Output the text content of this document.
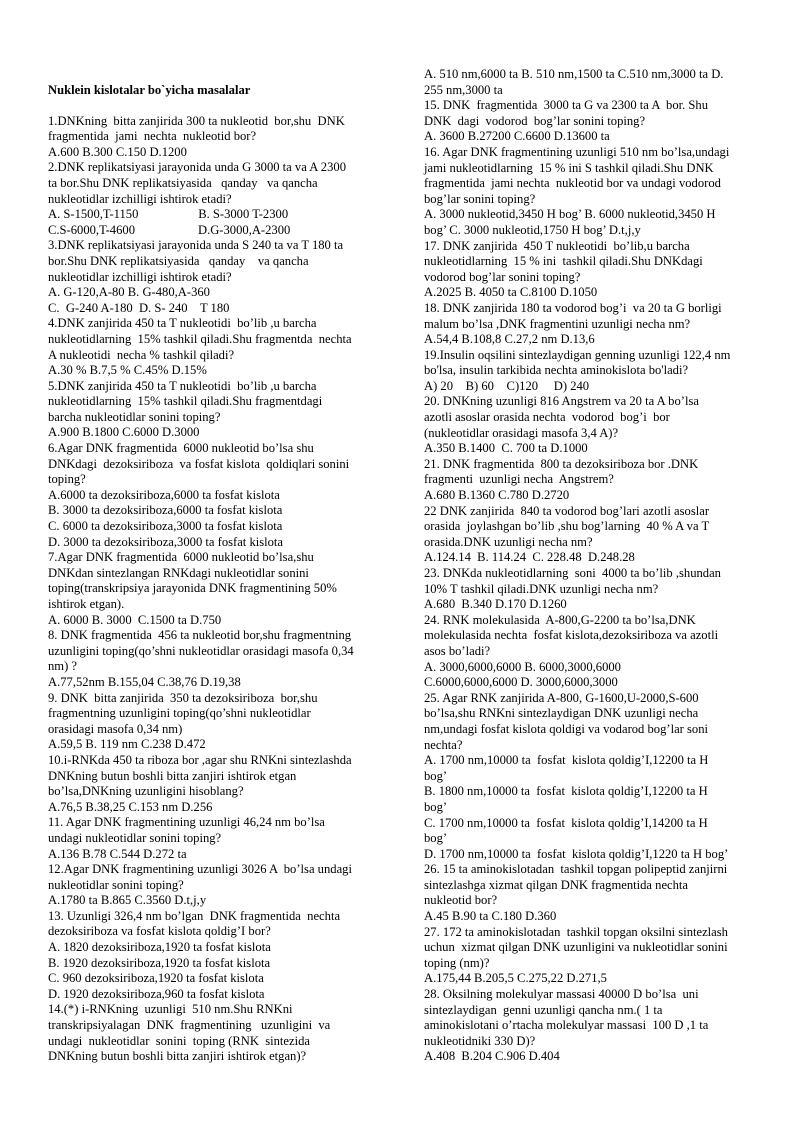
Nuklein kislotalar bo`yicha masalalar
1.DNKning  bitta zanjirida 300 ta nukleotid  bor,shu  DNK
fragmentida  jami  nechta  nukleotid bor?
A.600 B.300 C.150 D.1200
2.DNK replikatsiyasi jarayonida unda G 3000 ta va A 2300
ta bor.Shu DNK replikatsiyasida   qanday   va qancha
nukleotidlar izchilligi ishtirok etadi?
A. S-1500,T-1150                   B. S-3000 T-2300
C.S-6000,T-4600                    D.G-3000,A-2300
3.DNK replikatsiyasi jarayonida unda S 240 ta va T 180 ta
bor.Shu DNK replikatsiyasida   qanday    va qancha
nukleotidlar izchilligi ishtirok etadi?
A. G-120,A-80 B. G-480,A-360
C.  G-240 A-180  D. S- 240    T 180
4.DNK zanjirida 450 ta T nukleotidi  bo’lib ,u barcha
nukleotidlarning  15% tashkil qiladi.Shu fragmentda  nechta
A nukleotidi  necha % tashkil qiladi?
A.30 % B.7,5 % C.45% D.15%
5.DNK zanjirida 450 ta T nukleotidi  bo’lib ,u barcha
nukleotidlarning  15% tashkil qiladi.Shu fragmentdagi
barcha nukleotidlar sonini toping?
A.900 B.1800 C.6000 D.3000
6.Agar DNK fragmentida  6000 nukleotid bo’lsa shu
DNKdagi  dezoksiriboza  va fosfat kislota  qoldiqlari sonini
toping?
A.6000 ta dezoksiriboza,6000 ta fosfat kislota
B. 3000 ta dezoksiriboza,6000 ta fosfat kislota
C. 6000 ta dezoksiriboza,3000 ta fosfat kislota
D. 3000 ta dezoksiriboza,3000 ta fosfat kislota
7.Agar DNK fragmentida  6000 nukleotid bo’lsa,shu
DNKdan sintezlangan RNKdagi nukleotidlar sonini
toping(transkripsiya jarayonida DNK fragmentining 50%
ishtirok etgan).
A. 6000 B. 3000  C.1500 ta D.750
8. DNK fragmentida  456 ta nukleotid bor,shu fragmentning
uzunligini toping(qo’shni nukleotidlar orasidagi masofa 0,34
nm) ?
A.77,52nm B.155,04 C.38,76 D.19,38
9. DNK  bitta zanjirida  350 ta dezoksiriboza  bor,shu
fragmentning uzunligini toping(qo’shni nukleotidlar
orasidagi masofa 0,34 nm)
A.59,5 B. 119 nm C.238 D.472
10.i-RNKda 450 ta riboza bor ,agar shu RNKni sintezlashda
DNKning butun boshli bitta zanjiri ishtirok etgan
bo’lsa,DNKning uzunligini hisoblang?
A.76,5 B.38,25 C.153 nm D.256
11. Agar DNK fragmentining uzunligi 46,24 nm bo’lsa
undagi nukleotidlar sonini toping?
A.136 B.78 C.544 D.272 ta
12.Agar DNK fragmentining uzunligi 3026 A  bo’lsa undagi
nukleotidlar sonini toping?
A.1780 ta B.865 C.3560 D.t,j,y
13. Uzunligi 326,4 nm bo’lgan  DNK fragmentida  nechta
dezoksiriboza va fosfat kislota qoldig’I bor?
A. 1820 dezoksiriboza,1920 ta fosfat kislota
B. 1920 dezoksiriboza,1920 ta fosfat kislota
C. 960 dezoksiriboza,1920 ta fosfat kislota
D. 1920 dezoksiriboza,960 ta fosfat kislota
14.(*) i-RNKning  uzunligi  510 nm.Shu RNKni
transkripsiyalagan  DNK  fragmentining   uzunligini  va
undagi  nukleotidlar  sonini  toping (RNK  sintezida
DNKning butun boshli bitta zanjiri ishtirok etgan)?
A. 510 nm,6000 ta B. 510 nm,1500 ta C.510 nm,3000 ta D.
255 nm,3000 ta
15. DNK  fragmentida  3000 ta G va 2300 ta A  bor. Shu
DNK  dagi  vodorod  bog’lar sonini toping?
A. 3600 B.27200 C.6600 D.13600 ta
16. Agar DNK fragmentining uzunligi 510 nm bo’lsa,undagi
jami nukleotidlarning  15 % ini S tashkil qiladi.Shu DNK
fragmentida  jami nechta  nukleotid bor va undagi vodorod
bog’lar sonini toping?
A. 3000 nukleotid,3450 H bog’ B. 6000 nukleotid,3450 H
bog’ C. 3000 nukleotid,1750 H bog’ D.t,j,y
17. DNK zanjirida  450 T nukleotidi  bo’lib,u barcha
nukleotidlarning  15 % ini  tashkil qiladi.Shu DNKdagi
vodorod bog’lar sonini toping?
A.2025 B. 4050 ta C.8100 D.1050
18. DNK zanjirida 180 ta vodorod bog’i  va 20 ta G borligi
malum bo’lsa ,DNK fragmentini uzunligi necha nm?
A.54,4 B.108,8 C.27,2 nm D.13,6
19.Insulin oqsilini sintezlaydigan genning uzunligi 122,4 nm
bo'lsa, insulin tarkibida nechta aminokislota bo'ladi?
A) 20    B) 60    C)120     D) 240
20. DNKning uzunligi 816 Angstrem va 20 ta A bo’lsa
azotli asoslar orasida nechta  vodorod  bog’i  bor
(nukleotidlar orasidagi masofa 3,4 A)?
A.350 B.1400  C. 700 ta D.1000
21. DNK fragmentida  800 ta dezoksiriboza bor .DNK
fragmenti  uzunligi necha  Angstrem?
A.680 B.1360 C.780 D.2720
22 DNK zanjirida  840 ta vodorod bog’lari azotli asoslar
orasida  joylashgan bo’lib ,shu bog’larning  40 % A va T
orasida.DNK uzunligi necha nm?
A.124.14  B. 114.24  C. 228.48  D.248.28
23. DNKda nukleotidlarning  soni  4000 ta bo’lib ,shundan
10% T tashkil qiladi.DNK uzunligi necha nm?
A.680  B.340 D.170 D.1260
24. RNK molekulasida  A-800,G-2200 ta bo’lsa,DNK
molekulasida nechta  fosfat kislota,dezoksiriboza va azotli
asos bo’ladi?
A. 3000,6000,6000 B. 6000,3000,6000
C.6000,6000,6000 D. 3000,6000,3000
25. Agar RNK zanjirida A-800, G-1600,U-2000,S-600
bo’lsa,shu RNKni sintezlaydigan DNK uzunligi necha
nm,undagi fosfat kislota qoldigi va vodarod bog’lar soni
nechta?
A. 1700 nm,10000 ta  fosfat  kislota qoldig’I,12200 ta H
bog’
B. 1800 nm,10000 ta  fosfat  kislota qoldig’I,12200 ta H
bog’
C. 1700 nm,10000 ta  fosfat  kislota qoldig’I,14200 ta H
bog’
D. 1700 nm,10000 ta  fosfat  kislota qoldig’I,1220 ta H bog’
26. 15 ta aminokislotadan  tashkil topgan polipeptid zanjirni
sintezlashga xizmat qilgan DNK fragmentida nechta
nukleotid bor?
A.45 B.90 ta C.180 D.360
27. 172 ta aminokislotadan  tashkil topgan oksilni sintezlash
uchun  xizmat qilgan DNK uzunligini va nukleotidlar sonini
toping (nm)?
A.175,44 B.205,5 C.275,22 D.271,5
28. Oksilning molekulyar massasi 40000 D bo’lsa  uni
sintezlaydigan  genni uzunligi qancha nm.( 1 ta
aminokislotani o’rtacha molekulyar massasi  100 D ,1 ta
nukleotidniki 330 D)?
A.408  B.204 C.906 D.404
